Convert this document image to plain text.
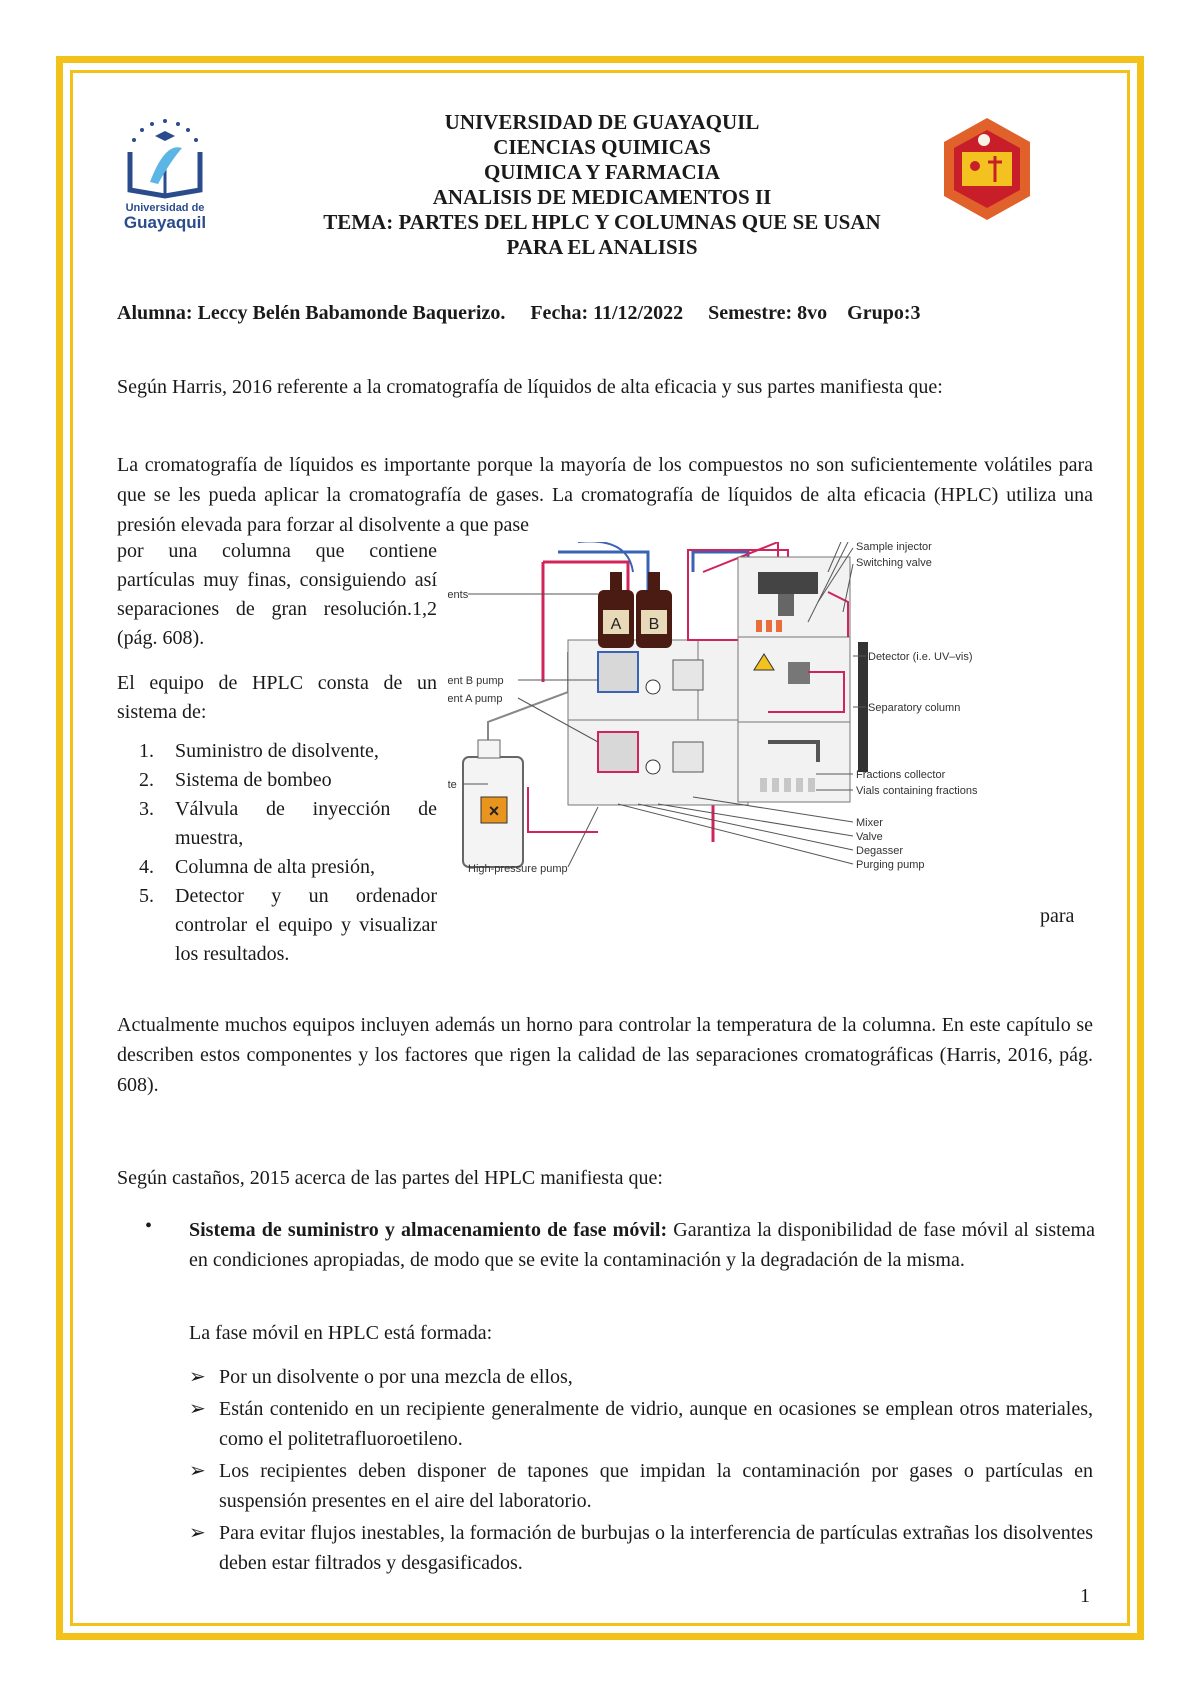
Universidad de
Guayaquil
UNIVERSIDAD DE GUAYAQUIL
CIENCIAS QUIMICAS
QUIMICA Y FARMACIA
ANALISIS DE MEDICAMENTOS II
TEMA: PARTES DEL HPLC Y COLUMNAS QUE SE USAN
PARA EL ANALISIS
Alumna: Leccy Belén Babamonde Baquerizo. Fecha: 11/12/2022 Semestre: 8vo Grupo:3

Según Harris, 2016 referente a la cromatografía de líquidos de alta eficacia y sus partes manifiesta que:

La cromatografía de líquidos es importante porque la mayoría de los compuestos no son suficientemente volátiles para que se les pueda aplicar la cromatografía de gases. La cromatografía de líquidos de alta eficacia (HPLC) utiliza una presión elevada para forzar al disolvente a que pase

por una columna que contiene partículas muy finas, consiguiendo así separaciones de gran resolución.1,2 (pág. 608).

El equipo de HPLC consta de un sistema de:

1.	Suministro de disolvente,
2.	Sistema de bombeo
3.	Válvula de inyección de muestra,
4.	Columna de alta presión,
5.	Detector y un ordenador controlar el equipo y visualizar los resultados.
para
A B
×
ents
ent B pump
ent A pump
te
High-pressure pump
Sample injector
Switching valve
Detector (i.e. UV–vis)
Separatory column
Fractions collector
Vials containing fractions
Mixer
Valve
Degasser
Purging pump

Actualmente muchos equipos incluyen además un horno para controlar la temperatura de la columna. En este capítulo se describen estos componentes y los factores que rigen la calidad de las separaciones cromatográficas (Harris, 2016, pág. 608).

Según castaños, 2015 acerca de las partes del HPLC manifiesta que:

• Sistema de suministro y almacenamiento de fase móvil: Garantiza la disponibilidad de fase móvil al sistema en condiciones apropiadas, de modo que se evite la contaminación y la degradación de la misma.
La fase móvil en HPLC está formada:
➢ Por un disolvente o por una mezcla de ellos,
➢ Están contenido en un recipiente generalmente de vidrio, aunque en ocasiones se emplean otros materiales, como el politetrafluoroetileno.
➢ Los recipientes deben disponer de tapones que impidan la contaminación por gases o partículas en suspensión presentes en el aire del laboratorio.
➢ Para evitar flujos inestables, la formación de burbujas o la interferencia de partículas extrañas los disolventes deben estar filtrados y desgasificados.
1
